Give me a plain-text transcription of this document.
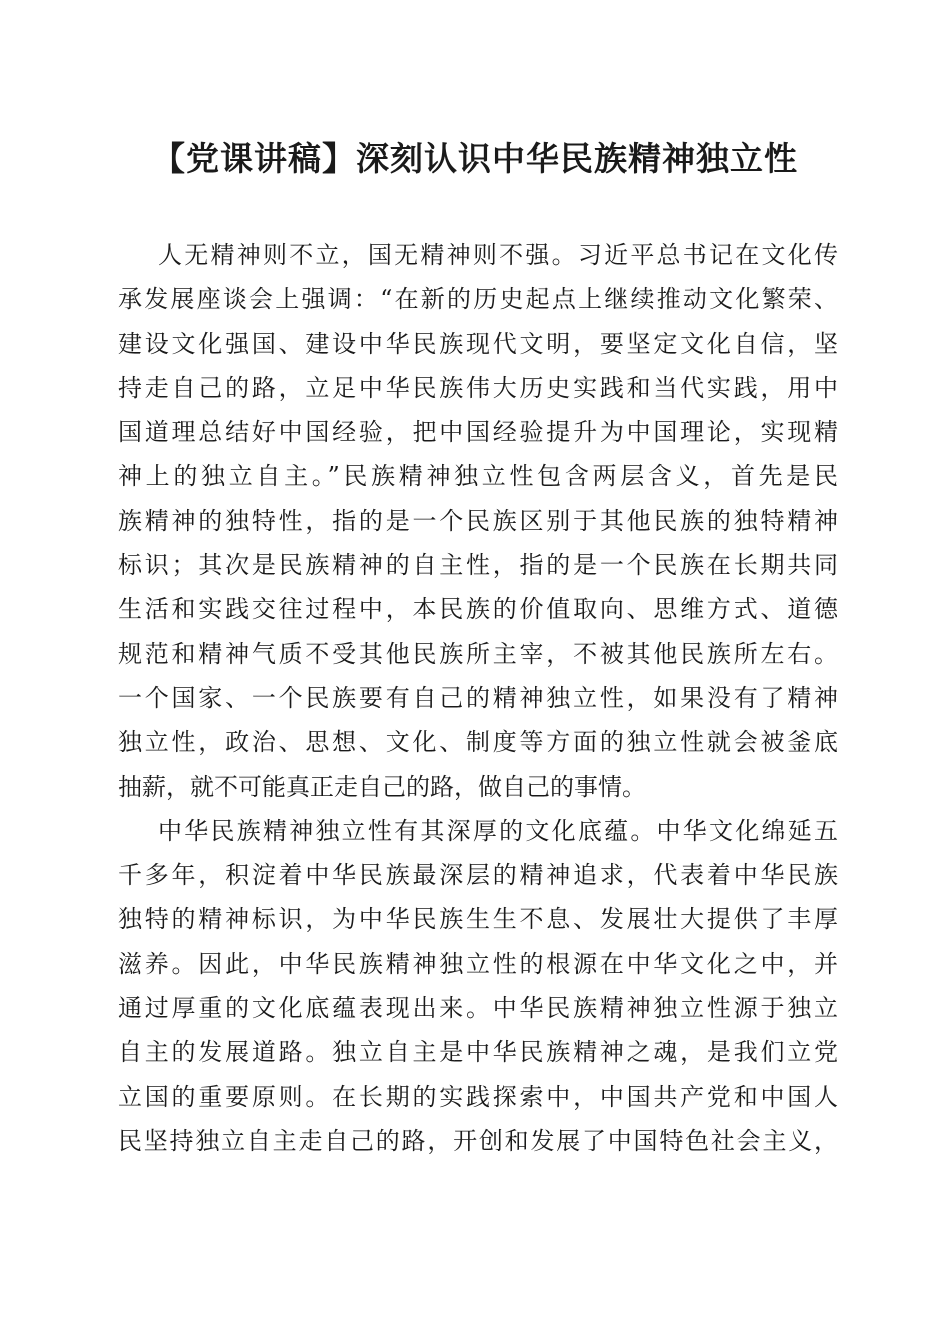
【党课讲稿】深刻认识中华民族精神独立性
人无精神则不立，国无精神则不强。习近平总书记在文化传
承发展座谈会上强调：“在新的历史起点上继续推动文化繁荣、
建设文化强国、建设中华民族现代文明，要坚定文化自信，坚
持走自己的路，立足中华民族伟大历史实践和当代实践，用中
国道理总结好中国经验，把中国经验提升为中国理论，实现精
神上的独立自主。”民族精神独立性包含两层含义，首先是民
族精神的独特性，指的是一个民族区别于其他民族的独特精神
标识；其次是民族精神的自主性，指的是一个民族在长期共同
生活和实践交往过程中，本民族的价值取向、思维方式、道德
规范和精神气质不受其他民族所主宰，不被其他民族所左右。
一个国家、一个民族要有自己的精神独立性，如果没有了精神
独立性，政治、思想、文化、制度等方面的独立性就会被釜底
抽薪，就不可能真正走自己的路，做自己的事情。
中华民族精神独立性有其深厚的文化底蕴。中华文化绵延五
千多年，积淀着中华民族最深层的精神追求，代表着中华民族
独特的精神标识，为中华民族生生不息、发展壮大提供了丰厚
滋养。因此，中华民族精神独立性的根源在中华文化之中，并
通过厚重的文化底蕴表现出来。中华民族精神独立性源于独立
自主的发展道路。独立自主是中华民族精神之魂，是我们立党
立国的重要原则。在长期的实践探索中，中国共产党和中国人
民坚持独立自主走自己的路，开创和发展了中国特色社会主义，
